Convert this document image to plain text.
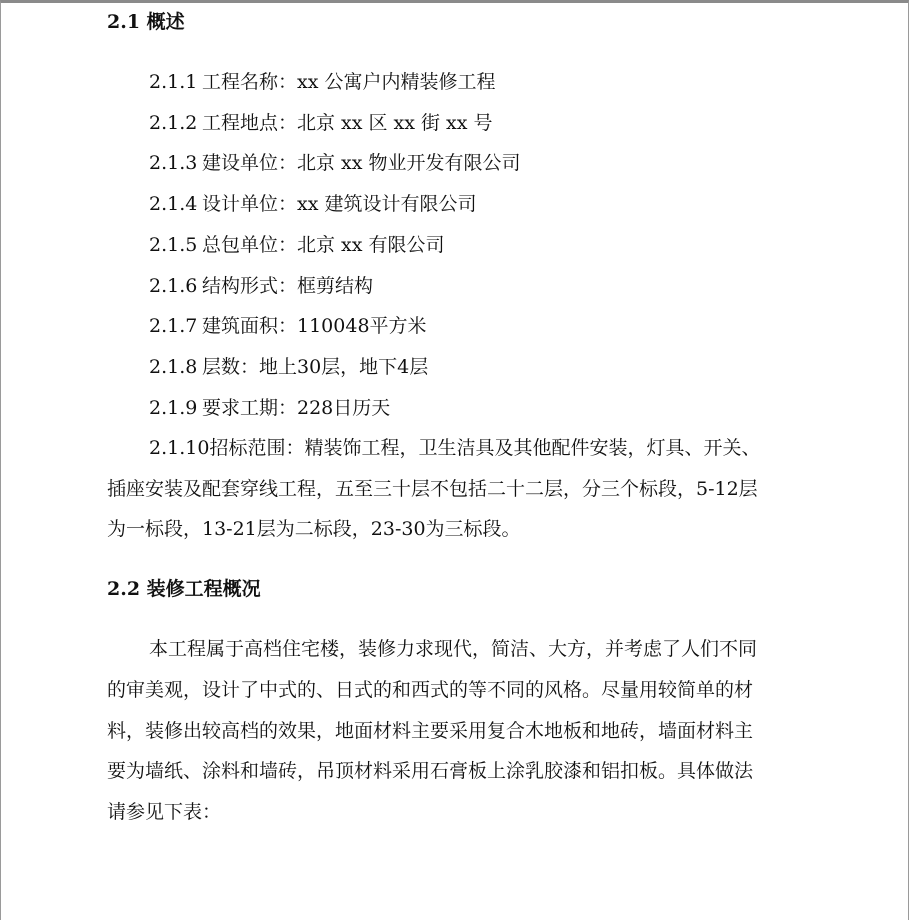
2.1 概述
2.1.1 工程名称：xx 公寓户内精装修工程
2.1.2 工程地点：北京 xx 区 xx 街 xx 号
2.1.3 建设单位：北京 xx 物业开发有限公司
2.1.4 设计单位：xx 建筑设计有限公司
2.1.5 总包单位：北京 xx 有限公司
2.1.6 结构形式：框剪结构
2.1.7 建筑面积：110048平方米
2.1.8 层数：地上30层，地下4层
2.1.9 要求工期：228日历天
2.1.10招标范围：精装饰工程，卫生洁具及其他配件安装，灯具、开关、
插座安装及配套穿线工程，五至三十层不包括二十二层，分三个标段，5-12层
为一标段，13-21层为二标段，23-30为三标段。
2.2 装修工程概况
本工程属于高档住宅楼，装修力求现代，简洁、大方，并考虑了人们不同
的审美观，设计了中式的、日式的和西式的等不同的风格。尽量用较简单的材
料，装修出较高档的效果，地面材料主要采用复合木地板和地砖，墙面材料主
要为墙纸、涂料和墙砖，吊顶材料采用石膏板上涂乳胶漆和铝扣板。具体做法
请参见下表：
